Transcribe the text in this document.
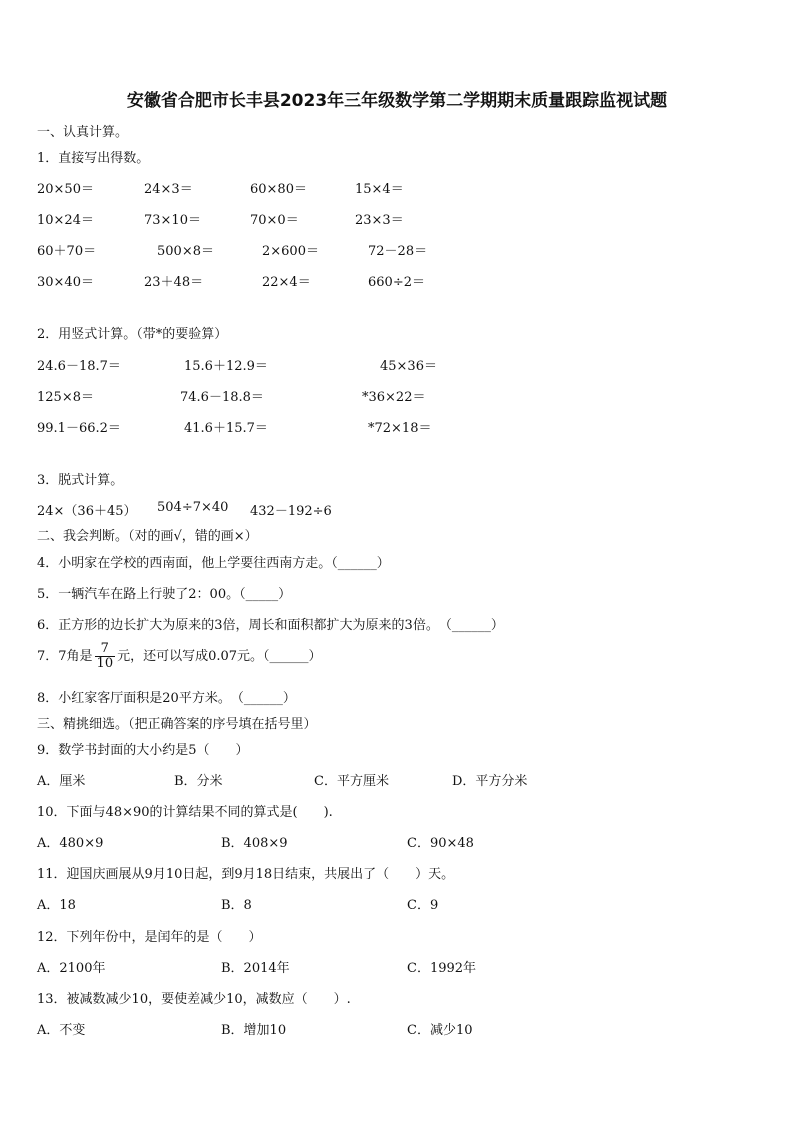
安徽省合肥市长丰县2023年三年级数学第二学期期末质量跟踪监视试题
一、认真计算。
1．直接写出得数。
20×50＝	24×3＝	60×80＝	15×4＝
10×24＝	73×10＝	70×0＝	23×3＝
60＋70＝	500×8＝	2×600＝	72－28＝
30×40＝	23＋48＝	22×4＝	660÷2＝
2．用竖式计算。（带*的要验算）
24.6－18.7＝	15.6＋12.9＝	45×36＝
125×8＝	74.6－18.8＝	*36×22＝
99.1－66.2＝	41.6＋15.7＝	*72×18＝
3．脱式计算。
24×（36＋45） 504÷7×40 432－192÷6
二、我会判断。（对的画√，错的画×）
4．小明家在学校的西南面，他上学要往西南方走。（______）
5．一辆汽车在路上行驶了2：00。（_____）
6．正方形的边长扩大为原来的3倍，周长和面积都扩大为原来的3倍。　（______）
7．7角是 $\frac{7}{10}$ 元，还可以写成0.07元。（______）
8．小红家客厅面积是20平方米。　（______）
三、精挑细选。（把正确答案的序号填在括号里）
9．数学书封面的大小约是5（　　）
A．厘米	B．分米	C．平方厘米	D．平方分米
10．下面与48×90的计算结果不同的算式是(　　).
A．480×9	B．408×9	C．90×48
11．迎国庆画展从9月10日起，到9月18日结束，共展出了（　　）天。
A．18	B．8	C．9
12．下列年份中，是闰年的是（　　）
A．2100年	B．2014年	C．1992年
13．被减数减少10，要使差减少10，减数应（　　）.
A．不变	B．增加10	C．减少10
